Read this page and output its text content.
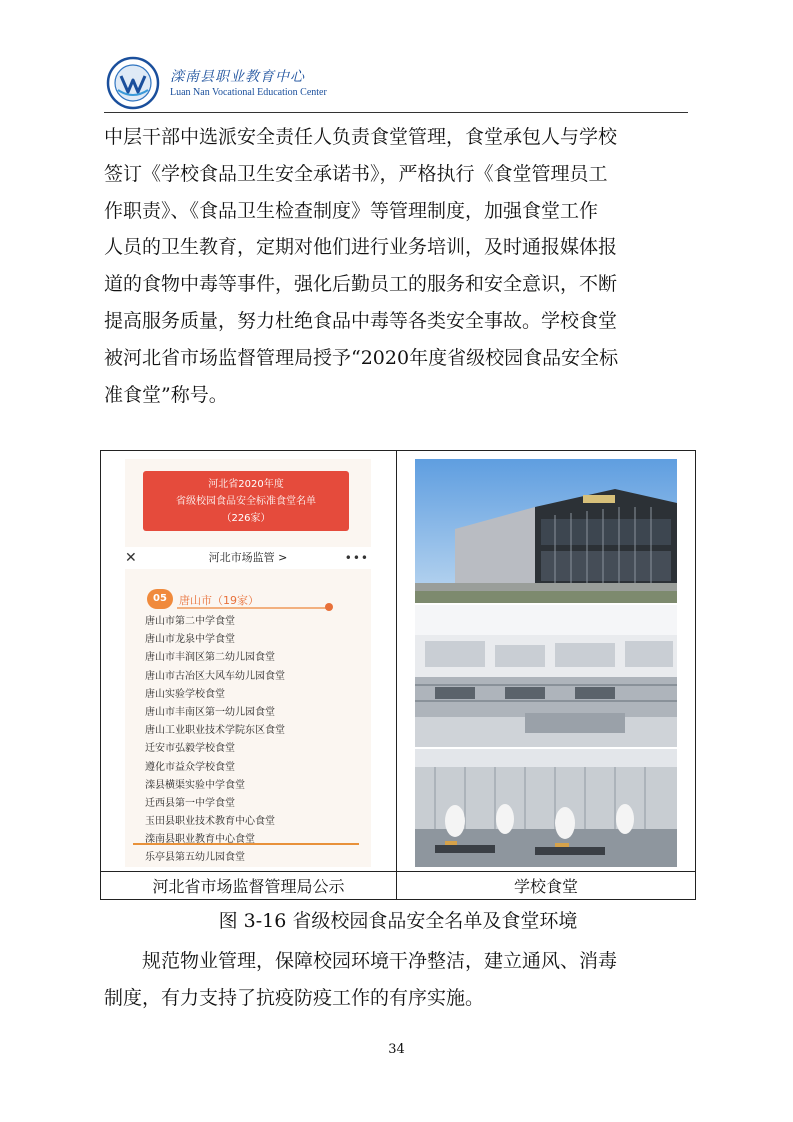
滦南县职业教育中心
Luan Nan Vocational Education Center
中层干部中选派安全责任人负责食堂管理，食堂承包人与学校
签订《学校食品卫生安全承诺书》，严格执行《食堂管理员工
作职责》、《食品卫生检查制度》等管理制度，加强食堂工作
人员的卫生教育，定期对他们进行业务培训，及时通报媒体报
道的食物中毒等事件，强化后勤员工的服务和安全意识，不断
提高服务质量，努力杜绝食品中毒等各类安全事故。学校食堂
被河北省市场监督管理局授予“2020年度省级校园食品安全标
准食堂”称号。
河北省2020年度
省级校园食品安全标准食堂名单
（226家）
✕	河北市场监管 >	•••
05	唐山市（19家）
唐山市第二中学食堂
唐山市龙泉中学食堂
唐山市丰润区第二幼儿园食堂
唐山市古冶区大风车幼儿园食堂
唐山实验学校食堂
唐山市丰南区第一幼儿园食堂
唐山工业职业技术学院东区食堂
迁安市弘毅学校食堂
遵化市益众学校食堂
滦县横渠实验中学食堂
迁西县第一中学食堂
玉田县职业技术教育中心食堂
滦南县职业教育中心食堂
乐亭县第五幼儿园食堂
河北省市场监督管理局公示	学校食堂
图 3-16 省级校园食品安全名单及食堂环境
规范物业管理，保障校园环境干净整洁，建立通风、消毒
制度，有力支持了抗疫防疫工作的有序实施。
34
